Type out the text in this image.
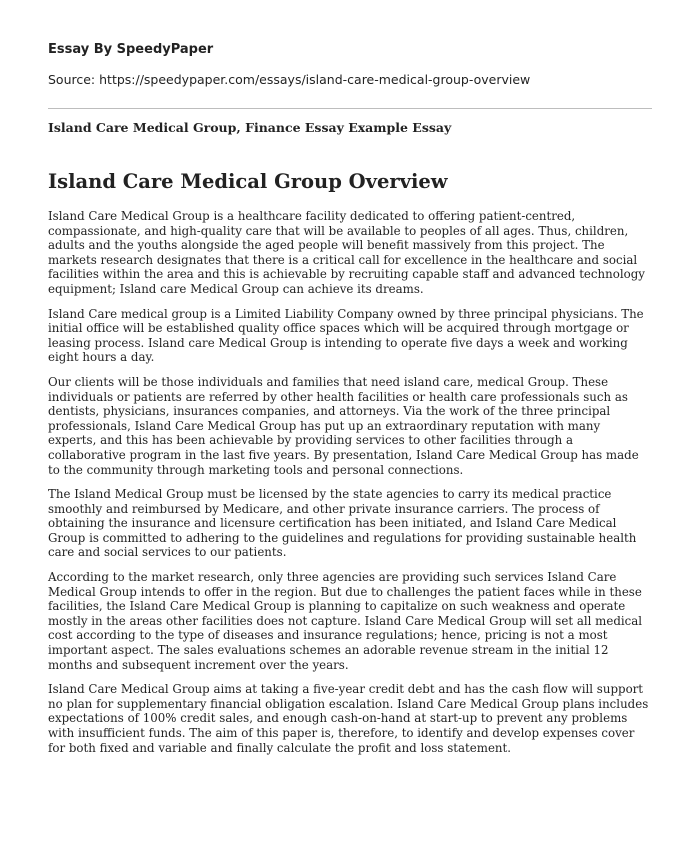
Essay By SpeedyPaper
Source: https://speedypaper.com/essays/island-care-medical-group-overview
Island Care Medical Group, Finance Essay Example Essay
Island Care Medical Group Overview

Island Care Medical Group is a healthcare facility dedicated to offering patient-centred, compassionate, and high-quality care that will be available to peoples of all ages. Thus, children, adults and the youths alongside the aged people will benefit massively from this project. The markets research designates that there is a critical call for excellence in the healthcare and social facilities within the area and this is achievable by recruiting capable staff and advanced technology equipment; Island care Medical Group can achieve its dreams.

Island Care medical group is a Limited Liability Company owned by three principal physicians. The initial office will be established quality office spaces which will be acquired through mortgage or leasing process. Island care Medical Group is intending to operate five days a week and working eight hours a day.

Our clients will be those individuals and families that need island care, medical Group. These individuals or patients are referred by other health facilities or health care professionals such as dentists, physicians, insurances companies, and attorneys. Via the work of the three principal professionals, Island Care Medical Group has put up an extraordinary reputation with many experts, and this has been achievable by providing services to other facilities through a collaborative program in the last five years. By presentation, Island Care Medical Group has made to the community through marketing tools and personal connections.

The Island Medical Group must be licensed by the state agencies to carry its medical practice smoothly and reimbursed by Medicare, and other private insurance carriers. The process of obtaining the insurance and licensure certification has been initiated, and Island Care Medical Group is committed to adhering to the guidelines and regulations for providing sustainable health care and social services to our patients.

According to the market research, only three agencies are providing such services Island Care Medical Group intends to offer in the region. But due to challenges the patient faces while in these facilities, the Island Care Medical Group is planning to capitalize on such weakness and operate mostly in the areas other facilities does not capture. Island Care Medical Group will set all medical cost according to the type of diseases and insurance regulations; hence, pricing is not a most important aspect. The sales evaluations schemes an adorable revenue stream in the initial 12 months and subsequent increment over the years.

Island Care Medical Group aims at taking a five-year credit debt and has the cash flow will support no plan for supplementary financial obligation escalation. Island Care Medical Group plans includes expectations of 100% credit sales, and enough cash-on-hand at start-up to prevent any problems with insufficient funds. The aim of this paper is, therefore, to identify and develop expenses cover for both fixed and variable and finally calculate the profit and loss statement.
